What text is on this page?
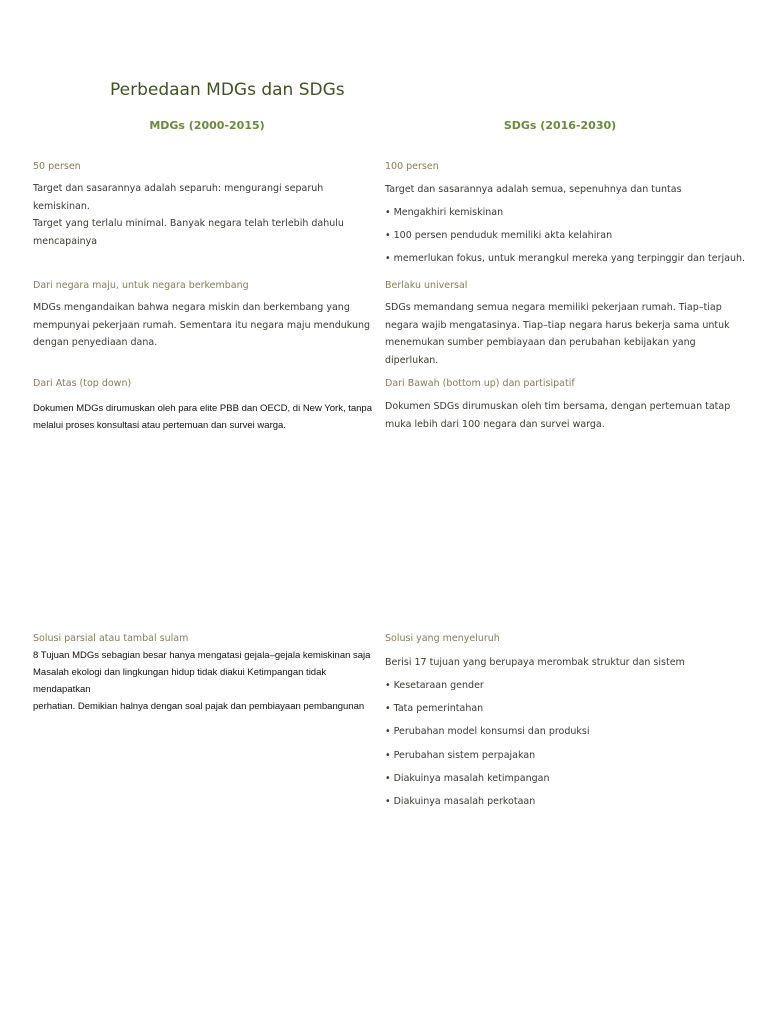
Perbedaan MDGs dan SDGs
MDGs (2000-2015)	SDGs (2016-2030)
50 persen
Target dan sasarannya adalah separuh: mengurangi separuh kemiskinan.
Target yang terlalu minimal. Banyak negara telah terlebih dahulu
mencapainya
100 persen
Target dan sasarannya adalah semua, sepenuhnya dan tuntas
• Mengakhiri kemiskinan
• 100 persen penduduk memiliki akta kelahiran
• memerlukan fokus, untuk merangkul mereka yang terpinggir dan terjauh.
Dari negara maju, untuk negara berkembang
MDGs mengandaikan bahwa negara miskin dan berkembang yang
mempunyai pekerjaan rumah. Sementara itu negara maju mendukung
dengan penyediaan dana.
Berlaku universal
SDGs memandang semua negara memiliki pekerjaan rumah. Tiap–tiap
negara wajib mengatasinya. Tiap–tiap negara harus bekerja sama untuk
menemukan sumber pembiayaan dan perubahan kebijakan yang
diperlukan.
Dari Atas (top down)
Dokumen MDGs dirumuskan oleh para elite PBB dan OECD, di New York, tanpa
melalui proses konsultasi atau pertemuan dan survei warga.
Dari Bawah (bottom up) dan partisipatif
Dokumen SDGs dirumuskan oleh tim bersama, dengan pertemuan tatap
muka lebih dari 100 negara dan survei warga.
Solusi parsial atau tambal sulam
8 Tujuan MDGs sebagian besar hanya mengatasi gejala–gejala kemiskinan saja
Masalah ekologi dan lingkungan hidup tidak diakui Ketimpangan tidak mendapatkan
perhatian. Demikian halnya dengan soal pajak dan pembiayaan pembangunan
Solusi yang menyeluruh
Berisi 17 tujuan yang berupaya merombak struktur dan sistem
• Kesetaraan gender
• Tata pemerintahan
• Perubahan model konsumsi dan produksi
• Perubahan sistem perpajakan
• Diakuinya masalah ketimpangan
• Diakuinya masalah perkotaan
